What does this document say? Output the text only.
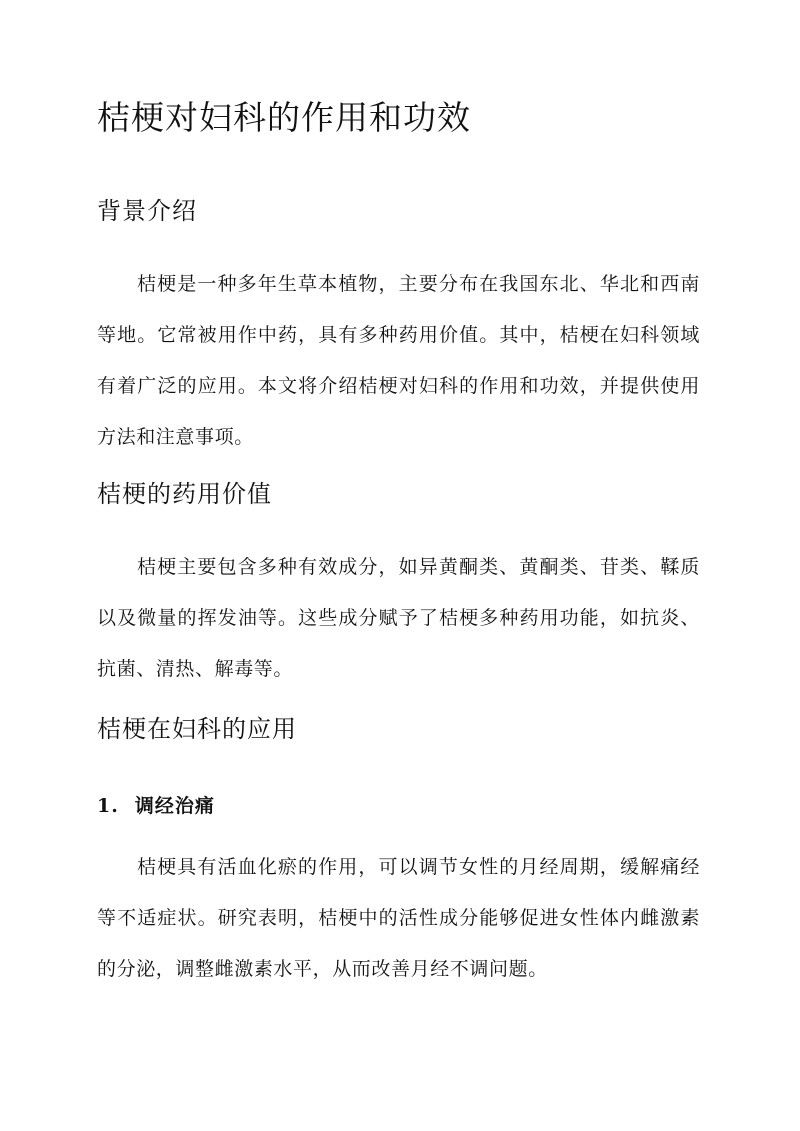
桔梗对妇科的作用和功效
背景介绍

桔梗是一种多年生草本植物，主要分布在我国东北、华北和西南等地。它常被用作中药，具有多种药用价值。其中，桔梗在妇科领域有着广泛的应用。本文将介绍桔梗对妇科的作用和功效，并提供使用方法和注意事项。

桔梗的药用价值

桔梗主要包含多种有效成分，如异黄酮类、黄酮类、苷类、鞣质以及微量的挥发油等。这些成分赋予了桔梗多种药用功能，如抗炎、抗菌、清热、解毒等。

桔梗在妇科的应用
1. 调经治痛

桔梗具有活血化瘀的作用，可以调节女性的月经周期，缓解痛经等不适症状。研究表明，桔梗中的活性成分能够促进女性体内雌激素的分泌，调整雌激素水平，从而改善月经不调问题。
